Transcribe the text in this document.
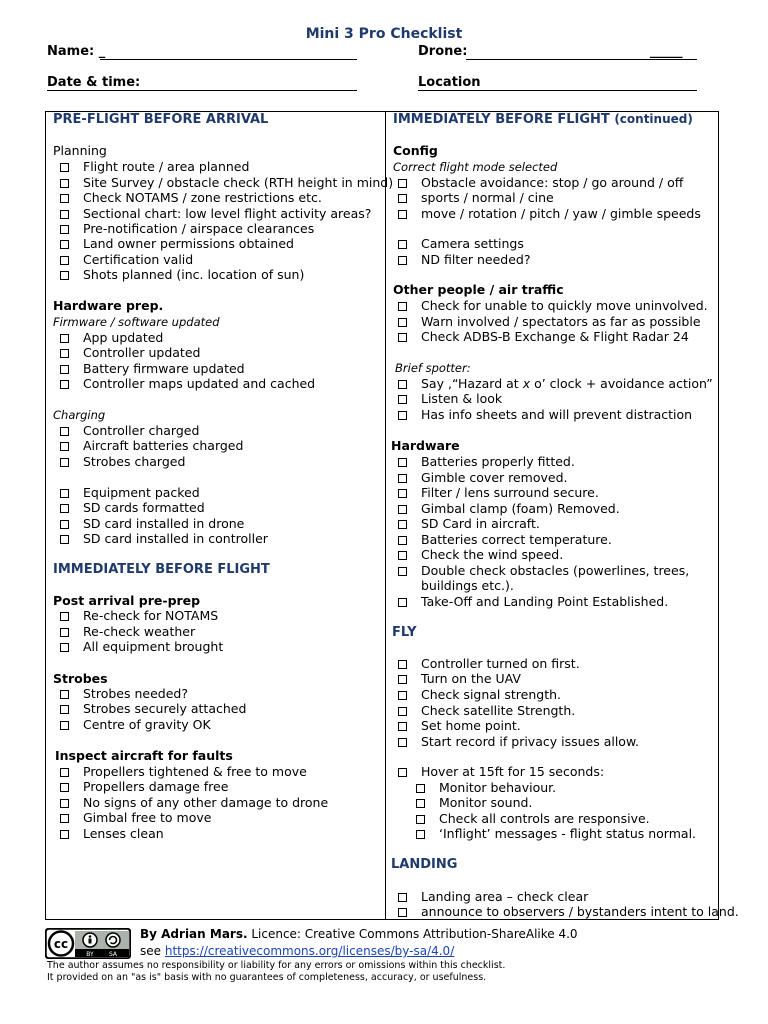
Mini 3 Pro Checklist
Name: _	Drone:	_____
Date & time:	Location
PRE-FLIGHT BEFORE ARRIVAL
Planning
Flight route / area planned
Site Survey / obstacle check (RTH height in mind)
Check NOTAMS / zone restrictions etc.
Sectional chart: low level flight activity areas?
Pre-notification / airspace clearances
Land owner permissions obtained
Certification valid
Shots planned (inc. location of sun)
Hardware prep.
Firmware / software updated
App updated
Controller updated
Battery firmware updated
Controller maps updated and cached
Charging
Controller charged
Aircraft batteries charged
Strobes charged
Equipment packed
SD cards formatted
SD card installed in drone
SD card installed in controller
IMMEDIATELY BEFORE FLIGHT
Post arrival pre-prep
Re-check for NOTAMS
Re-check weather
All equipment brought
Strobes
Strobes needed?
Strobes securely attached
Centre of gravity OK
Inspect aircraft for faults
Propellers tightened & free to move
Propellers damage free
No signs of any other damage to drone
Gimbal free to move
Lenses clean
IMMEDIATELY BEFORE FLIGHT (continued)
Config
Correct flight mode selected
Obstacle avoidance: stop / go around / off
sports / normal / cine
move / rotation / pitch / yaw / gimble speeds
Camera settings
ND filter needed?
Other people / air traffic
Check for unable to quickly move uninvolved.
Warn involved / spectators as far as possible
Check ADBS-B Exchange & Flight Radar 24
Brief spotter:
Say ,“Hazard at x o’ clock + avoidance action”
Listen & look
Has info sheets and will prevent distraction
Hardware
Batteries properly fitted.
Gimble cover removed.
Filter / lens surround secure.
Gimbal clamp (foam) Removed.
SD Card in aircraft.
Batteries correct temperature.
Check the wind speed.
Double check obstacles (powerlines, trees,
buildings etc.).
Take-Off and Landing Point Established.
FLY
Controller turned on first.
Turn on the UAV
Check signal strength.
Check satellite Strength.
Set home point.
Start record if privacy issues allow.
Hover at 15ft for 15 seconds:
Monitor behaviour.
Monitor sound.
Check all controls are responsive.
‘Inflight’ messages - flight status normal.
LANDING
Landing area – check clear
announce to observers / bystanders intent to land.
cc
BY	SA
By Adrian Mars. Licence: Creative Commons Attribution-ShareAlike 4.0
see https://creativecommons.org/licenses/by-sa/4.0/
The author assumes no responsibility or liability for any errors or omissions within this checklist.
It provided on an "as is" basis with no guarantees of completeness, accuracy, or usefulness.
